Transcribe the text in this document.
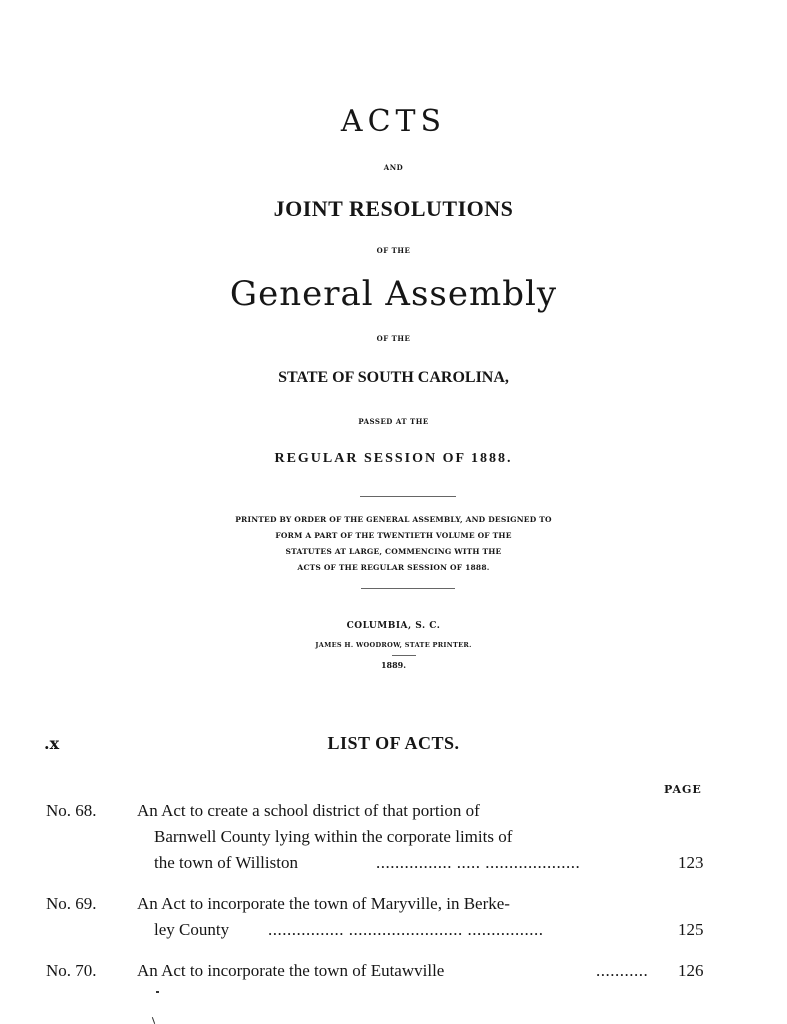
ACTS
AND
JOINT RESOLUTIONS
OF THE
General Assembly
OF THE
STATE OF SOUTH CAROLINA,
PASSED AT THE
REGULAR SESSION OF 1888.
PRINTED BY ORDER OF THE GENERAL ASSEMBLY, AND DESIGNED TO
FORM A PART OF THE TWENTIETH VOLUME OF THE
STATUTES AT LARGE, COMMENCING WITH THE
ACTS OF THE REGULAR SESSION OF 1888.
COLUMBIA, S. C.
JAMES H. WOODROW, STATE PRINTER.
1889.
.x	LIST OF ACTS.
PAGE
No. 68. An Act to create a school district of that portion of
Barnwell County lying within the corporate limits of
the town of Williston	................ ..... ....................	123
No. 69. An Act to incorporate the town of Maryville, in Berke-
ley County ................ ........................ ................	125
No. 70. An Act to incorporate the town of Eutawville	........... 126
